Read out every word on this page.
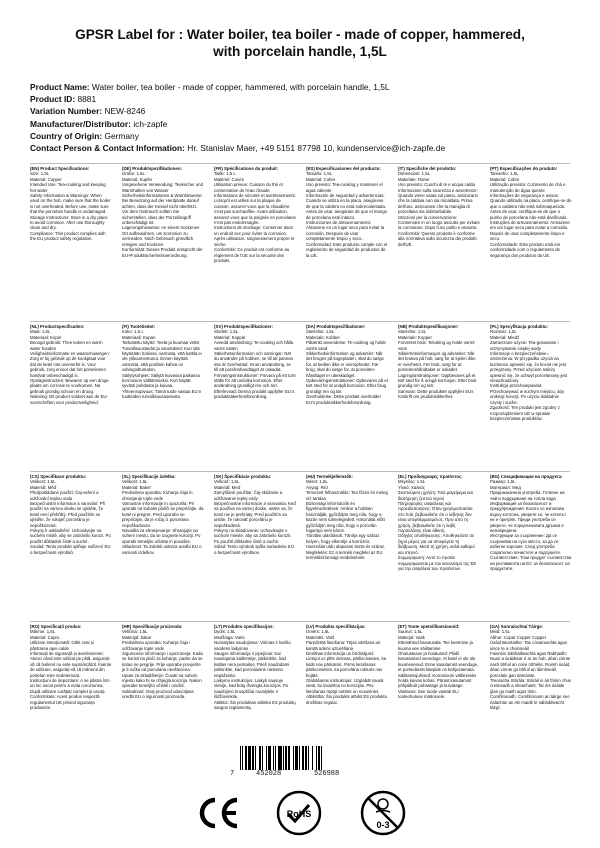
GPSR Label for : Water boiler, tea boiler - made of copper, hammered, with porcelain handle, 1,5L
Product Name: Water boiler, tea boiler - made of copper, hammered, with porcelain handle, 1,5L
Product ID: 8881
Variation Number: NEW-8246
Manufacturer/Distributor: ich-zapfe
Country of Origin: Germany
Contact Person & Contact Information: Hr. Stanislav Maer, +49 5151 87798 10, kundenservice@ich-zapfe.de
(EN) Product Specifications:

Size: 1.5L
Material: Copper
Intended Use: Tea-cooking and keeping hot water
Safety Information & Warnings: When used on the hob, make sure that the boiler is not overheated. Before use, make sure that the porcelain handle is undamaged.
Storage Instructions: Store in a dry place to avoid corrosion. After use thoroughly clean and dry.
Compliance: This product complies with the EU product safety regulation.

(DE) Produktspezifikationen:

Größe: 1,5L
Material: Kupfer
Vorgesehene Verwendung: Teekocher und Warmhalten von Wasser
Sicherheitsinformationen & Warnhinweise: Bei Benutzung auf der Herdplatte darauf achten, dass der Kessel nicht überhitzt. Vor dem Gebrauch sollten Sie sicherstellen, dass der Porzellangriff unbeschädigt ist.
Lagerungshinweise: An einem trockenen Ort aufbewahren, um Korrosion zu vermeiden. Nach Gebrauch gründlich reinigen und trocknen.
Konformität: Dieses Produkt entspricht der EU-Produktsicherheitsverordnung.

(FR) Spécifications du produit:

Taille: 1,5 L
Matériel: Cuivre
Utilisation prévue: Cuisson du thé et conservation de l'eau chaude
Informations de sécurité et avertissements: Lorsqu'il est utilisé sur la plaque de cuisson, assurez-vous que la chaudière n'est pas surchauffée. Avant utilisation, assurez-vous que la poignée en porcelaine n'est pas endommagée.
Instructions de stockage: Conserver dans un endroit sec pour éviter la corrosion. Après utilisation, soigneusement propre et sèche.
Conformité: Ce produit est conforme au règlement de l'UE sur la sécurité des produits.

(ES) Especificaciones del producto:

Tamaño: 1.5L
Material: Cobre
Uso previsto: Tea-cooking y mantener el agua caliente
Información de seguridad y advertencias: Cuando se utiliza en la placa, asegúrese de que la caldera no está sobrecalentada. Antes de usar, asegúrate de que el mango de porcelana esté intacto.
Instrucciones de almacenamiento: Almacene en un lugar seco para evitar la corrosión. Después de usar completamente limpio y seco.
Conformidad: Este producto cumple con el reglamento de seguridad de productos de la UE.

(IT) Specifiche del prodotto:

Dimensioni: 1,5L
Materiale: Rame
Uso previsto: Cuochi di tè e acqua calda
Informazioni sulla sicurezza e avvertenze: Quando viene usata sul piano, assicurarsi che la caldaia non sia riscaldata. Prima dell'uso, assicurarsi che la maniglia di porcellana sia indisturbabile.
Istruzioni per la conservazione: Conservare in un luogo asciutto per evitare la corrosione. Dopo l'uso pulito e asciutto.
Conformità: Questo prodotto è conforme alla normativa sulla sicurezza dei prodotti dell'UE.

(PT) Especificações do produto:

Tamanho: 1,5L
Material: Cobre
Utilização prevista: Cozimento de chá e manutenção de água quente
Informações de segurança e avisos: Quando utilizado na placa, certifique-se de que a caldeira não está sobreaquecida. Antes de usar, certifique-se de que o punho de porcelana não está danificado.
Instruções de armazenamento: Armazene em um lugar seco para evitar a corrosão. Depois de usar completamente limpo e seco.
Conformidade: Este produto está em conformidade com o regulamento de segurança dos produtos da UE.

(NL) Productspecificaties:

Maat: 1,5L
Materiaal: Koper
Beoogd gebruik: Thee koken en warm water houden
Veiligheidsinformatie en waarschuwingen: Zorg er bij gebruik op de kookplaat voor dat de ketel niet oververhit is. Voor gebruik, zorg ervoor dat het porseleinen handvat onbeschadigd is.
Opslaginstructies: Bewaren op een droge plaats om corrosie te voorkomen. Na gebruik grondig schoon en droog.
Naleving: Dit product voldoet aan de EU-voorschriften voor productveiligheid.

(FI) Tuotetiedot:

Koko: 1,5 L
Materiaali: Kupari
Tarkoitettu käyttö: Teetä ja kuumaa vettä
Turvallisuustiedot ja varoitukset: Kun sitä käytetään hobissa, varmista, että kattila ei ole ylikuumentunut. Ennen käyttöä varmista, että posliinin kahva on vahingoittumaton.
Säilytysohjeet: Säilytä kuivassa paikassa korroosion välttämiseksi. Kun käytät syvästi puhdasta ja kuivaa.
Yhteensopivuus: Tämä tuote vastaa EU:n tuotteiden turvallisuusasetusta.

(SV) Produktspecifikationer:

Storlek: 1,5L
Material: Koppar
Avsedd användning: Te-cooking och hålla varmt vatten
Säkerhetsinformation och varningar: När du använder på hobben, se till att pannan inte är överhettad. Innan användning, se till att porslinshandtaget är oskadat.
Förvaringsinstruktioner: Förvara på ett torrt ställe för att undvika korrosion. Efter användning grundligt ren och torr.
Efterlevnad: Denna produkt uppfyller EU:s produktsäkerhetsförordning.

(DA) Produktspecifikationer:

Størrelse: 1,5L
Materiale: Kobber
Påtænkt anvendelse: Te-cooking og holde varmt vand
Sikkerhedsinformation og advarsler: Når det bruges på kogepladen, skal du sørge for, at kedlen ikke er overophedet. Før brug, skal du sørge for, at porcelæn-håndtaget er ubeskadiget.
Opbevaringsinstruktioner: Opbevares på et tørt sted for at undgå korrosion. Efter brug grundigt ren og tør.
Overholdelse: Dette produkt overholder EU's produktsikkerhedsforordning.

(NB) Produktspesifikasjoner:

Størrelse: 1,5L
Materiale: Kopper
Forventet bruk: Tekoking og holde varmt vann
Sikkerhetsinformasjon og advarsler: Når det brukes på hob, sørg for at kjelen ikke er overhetet. Før bruk, sørg for at porselenshåndtaket er uskadet.
Lagringsinstruksjoner: Oppbevares på et tørt sted for å unngå korrosjon. Etter bruk grundig ren og tørr.
Samsvar: Dette produktet oppfyller EUs forskrift om produktsikkerhet.

(PL) Specyfikacja produktu:

Rozmiar: 1,5L
Materiał: Miedź
Zamierzone użycie: Tea-gotowanie i utrzymywanie ciepłej wody
Informacje o bezpieczeństwie i ostrzeżenia: W przypadku użycia na kuchence upewnić się, że kocioł nie jest przegrzany. Przed użyciem należy upewnić się, że uchwyt porcelanowy jest nieuszkodzony.
Instrukcja przechowywania: Przechowywać w suchym miejscu, aby uniknąć korozji. Po użyciu dokładnie czysty i suche.
Zgodność: Ten produkt jest zgodny z rozporządzeniem UE w sprawie bezpieczeństwa produktów.

(CS) Specifikace produktu:

Velikost: 1,5L
Materiál: Měď
Předpokládané použití: Čaj-vaření a udržování teplou vodu
Bezpečnostní informace a varování: Při použití na varnou desku se ujistěte, že kotel není přehřátý. Před použitím se ujistěte, že rukojeť porcelánu je nepoškozená.
Pokyny k uskladnění: Uchovávejte na suchém místě, aby se zabránilo korozi. Po použití důkladně čisté a suché.
Soulad: Tento produkt splňuje nařízení EU o bezpečnosti výrobků.

(SL) Specifikacije izdelka:

Velikost: 1,5L
Material: Baker
Predvidena uporaba: Kuhanje čaja in ohranjanje tople vode
Varnostne informacije in opozorila: Pri uporabi na kuhalni plošči se prepričajte, da kotel ni pregret. Pred uporabo se prepričajte, da je ročaj iz porcelana nepoškodovan.
Navodila za shranjevanje: Shranjujte na suhem mestu, da se izognete koroziji. Po uporabi temeljito očistite in posušite.
Skladnost: Ta izdelek ustreza uredbi EU o varnosti izdelkov.

(SK) Špecifikácie produktu:

Veľkosť: 1,5L
Materiál: Meď
Zamýšľané použitie: Čaj-skúšanie a udržiavanie teplej vody
Bezpečnostné informácie a varovania: Keď sa používa na varnej doske, uistite sa, že kotol nie je prehriaty. Pred použitím sa uistite, že rukoväť porcelánu je nepoškodená.
Pokyny na skladovanie: Uchovávajte v suchom mieste, aby sa zabránilo korózii. Po použití dôkladne čisté a suché.
Súlad: Tento výrobok spĺňa nariadenie EÚ o bezpečnosti výrobkov.

(HU) Termékjellemzők:

Méret: 1,5L
Anyag: Réz
Tervezett felhasználás: Tea főzés és meleg víz tartása
Biztonsági információk és figyelmeztetések: Amikor a hobban használják, győződjön meg róla, hogy a kazán nem túlmelegedett. Használat előtt győződjön meg róla, hogy a porcelán fogantyú nem káros.
Tárolási utasítások: Tárolja egy száraz helyen, hogy elkerülje a korróziót. Használat után alaposan tiszta és száraz.
Megfelelés: Ez a termék megfelel az EU termékbiztonsági rendeletének.

(EL) Προδιαγραφές προϊόντος:

Μέγεθος: 1,5L
Υλικό: Χαλκός
Σκοπούμενη χρήση: Τσάι μαγείρεμα και διατήρηση ζεστού νερού
Πληροφορίες ασφάλειας και προειδοποιήσεις: Όταν χρησιμοποιείται στο hob, βεβαιωθείτε ότι ο λέβητας δεν είναι υπερθερμασμένος. Πριν από τη χρήση, βεβαιωθείτε ότι η λαβή πορσελάνης είναι άθικτη.
Οδηγίες αποθήκευσης: Αποθηκεύστε σε ξηρό μέρος για να αποφύγετε τη διάβρωση. Μετά τη χρήση, καλά καθαρό και στεγνό.
Συμμόρφωση: Αυτό το προϊόν συμμορφώνεται με τον κανονισμό της ΕΕ για την ασφάλεια των προϊόντων.

(BG) Спецификации на продукта:

Размер: 1,5L
Материал: Мед
Предназначена употреба: Готвене на чай и поддържане на топла вода
Информация за безопасност и предупреждения: Когато се използва върху котлона, уверете се, че котелът не е прегрял. Преди употреба се уверете, че порцелановата дръжка е неповредена.
Инструкции за съхранение: Да се съхранява на сухо място, за да се избегне корозия. След употреба старателно почистете и подсушете.
Съответствие: Този продукт съответства на регламента на ЕС за безопасност на продуктите.

(RO) Specificații produs:

Mărime: 1,5L
Material: Cupru
Utilizare intenționată: Gătit ceai și păstrarea apei calde
Informații de siguranță și avertismente: Atunci când este utilizat pe plită, asigurați-vă că boilerul nu este supraîncălzit. Înainte de utilizare, asigurați-vă că mânerul din porțelan este nedeteriorat.
Instrucțiuni de depozitare: A se păstra într-un loc uscat pentru a evita coroziunea. După utilizare curățați complet și uscați.
Conformitate: Acest produs respectă regulamentul UE privind siguranța produselor.

(HR) Specifikacije proizvoda:

Veličina: 1,5L
Materijal: bakar
Predviđena uporaba: Kuhanje čaja i održavanje tople vode
Sigurnosne informacije i upozorenja: Kada se koristi na ploči za kuhanje, pazite da se kotao ne pregrije. Prije uporabe provjerite je li ručka od porculana neoštećena.
Upute za skladištenje: Čuvati na suhom mjestu kako bi se izbjegla korozija. Nakon uporabe temeljito očistiti i osušiti.
Sukladnost: Ovaj proizvod udovoljava uredbi EU o sigurnosti proizvoda.

(LT) Produkto specifikacijos:

Dydis: 1,5L
Medžiaga: Varis
Numatytas naudojimas: Virimas ir karšto vandens laikymas
Saugos informacija ir įspėjimai: Kai naudojama kaitlentėje, įsitikinkite, kad katilas nėra perkaitęs. Prieš naudodami įsitikinkite, kad porcelianinė rankena nepažeista.
Laikymo instrukcijos: Laikyti sausoje vietoje, kad būtų išvengta korozijos. Po naudojimo kruopščiai nuvalykite ir išdžiovinkite.
Atitiktis: Šis produktas atitinka ES produktų saugos reglamentą.

(LV) Produkta specifikācijas:

Izmērs: 1,5L
Materiāls: Varš
Paredzētā lietošana: Tējas vārīšana un karstā ūdens uzturēšana
Drošības informācija un brīdinājumi: Lietojot uz plīts virsmas, pārliecinieties, ka katls nav pārkarsis. Pirms lietošanas pārliecinieties, ka porcelāna rokturis nav bojāts.
Glabāšanas instrukcijas: Uzglabāt sausā vietā, lai izvairītos no korozijas. Pēc lietošanas rūpīgi notīriet un nosusiniet.
Atbilstība: Šis produkts atbilst ES produktu drošības regulai.

(ET) Toote spetsifikatsioonid:

Suurus: 1,5L
Materjal: Vask
Ettenähtud kasutusala: Tee keetmine ja kuuma vee säilitamine
Ohutusteave ja hoiatused: Pliidil kasutamisel veenduge, et katel ei ole üle kuumenenud. Enne kasutamist veenduge, et portselanist käepide on kahjustamata.
Säilitamisjuhised: Korrosiooni vältimiseks hoida kuivas kohas. Pärast kasutamist põhjalikult puhastage ja kuivatage.
Vastavus: See toode vastab ELi tooteohutuse määrusele.

(GA) Sonraíochtaí Táirge:

Méid: 1.5L
Ábhar: Copar Copper Copper
Úsáid Beartaithe: Tae cócaireachta agus uisce te a choinneáil
Faisnéis Sábháilteachta agus Rabhaidh: Nuair a úsáidtear é ar an hob, déan cinnte nach bhfuil an coire róthéite. Roimh úsáid, déan cinnte go bhfuil an láimhseáil porcelain gan damáiste.
Treoracha Stórála: Stóráil in áit thirim chun creimeadh a sheachaint. Tar éis úsáide glan go maith agus tirim.
Comhlíonadh: Comhlíonann an táirge seo rialachán an AE maidir le sábháilteacht táirgí.

7	452028	526988
RoHS
0-3
